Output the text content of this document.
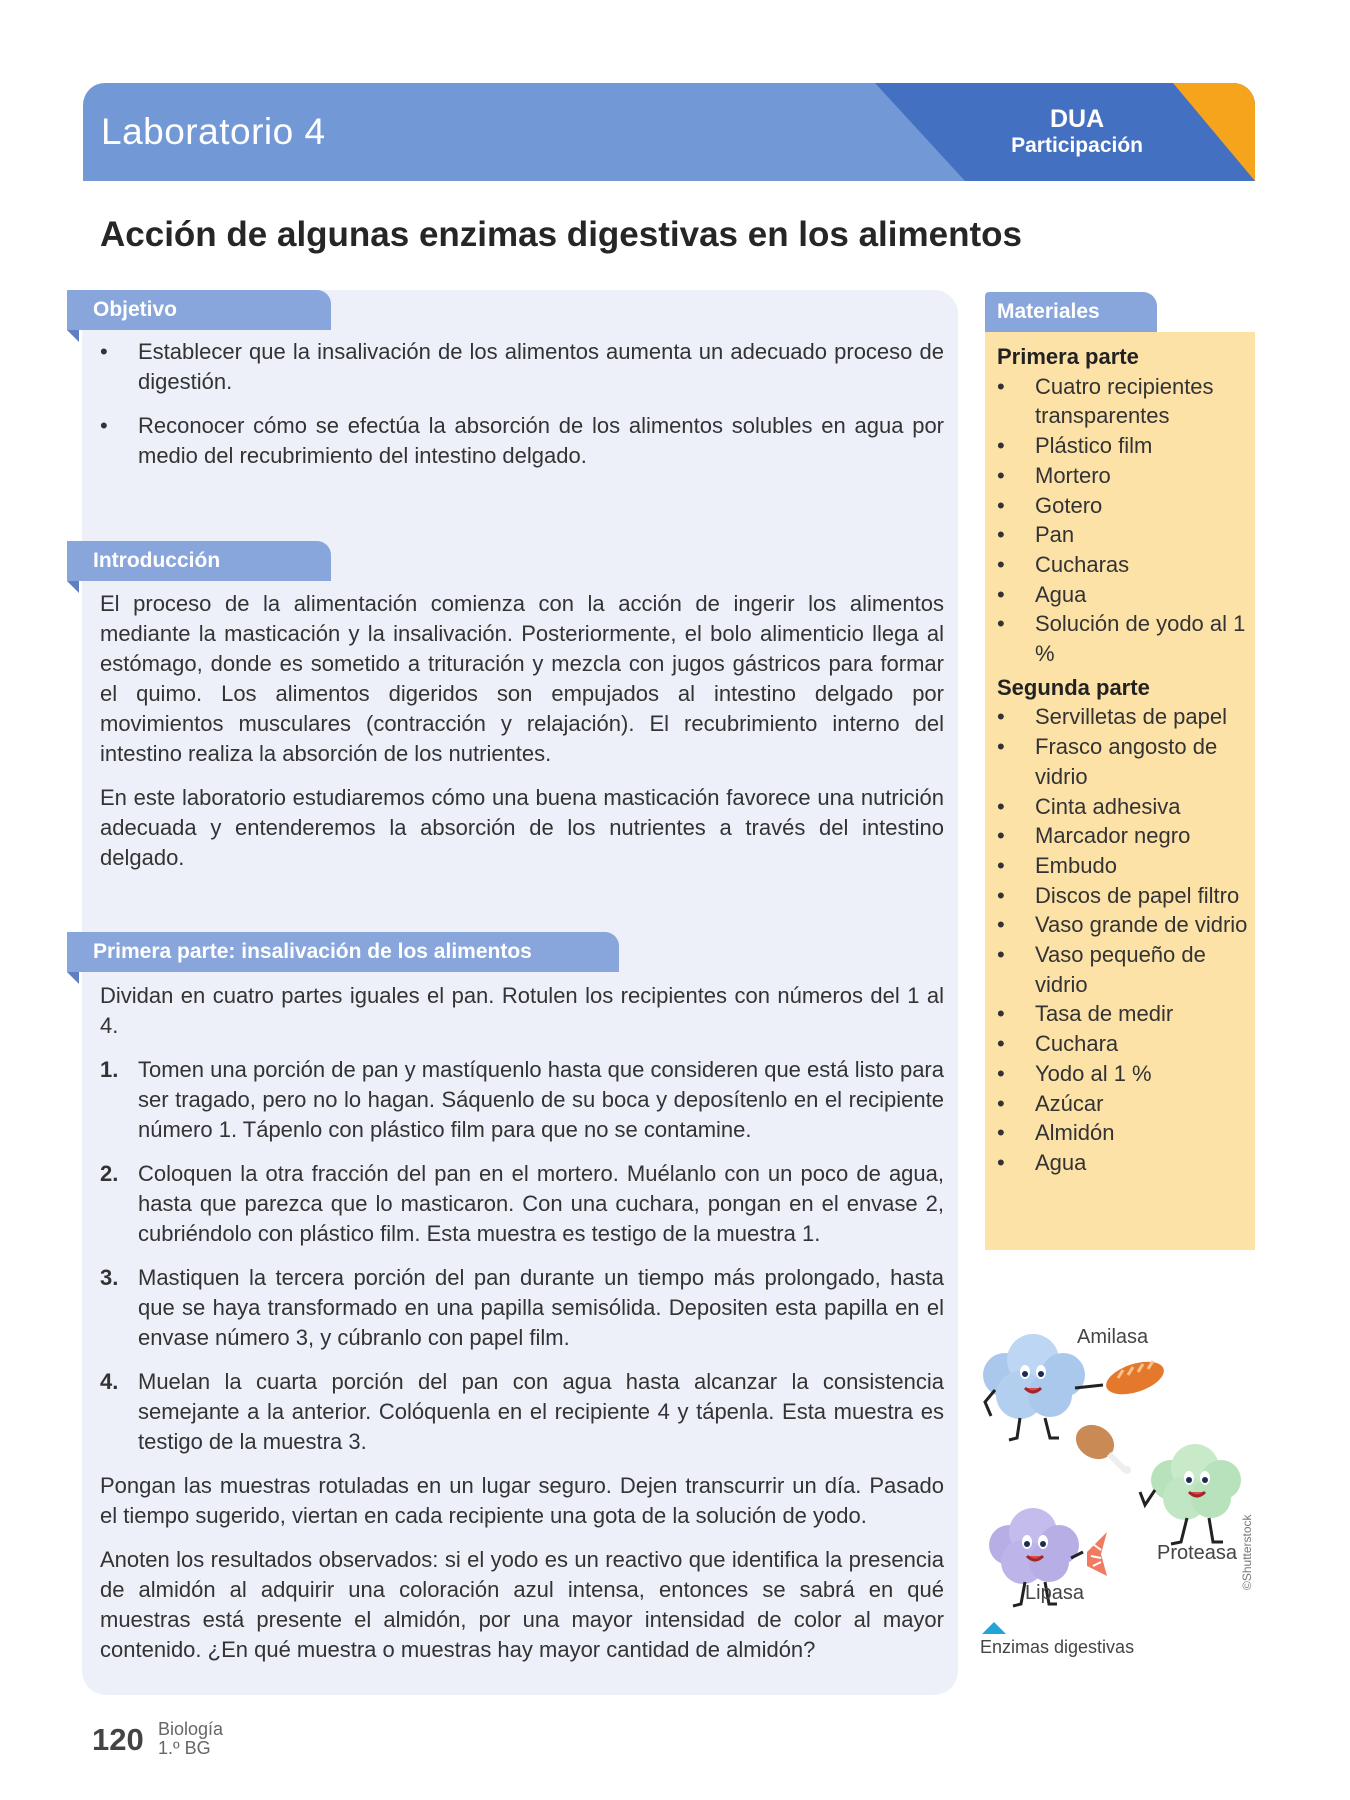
Laboratorio 4	DUA
Participación
Acción de algunas enzimas digestivas en los alimentos
Objetivo
• Establecer que la insalivación de los alimentos aumenta un adecuado proceso de digestión.
• Reconocer cómo se efectúa la absorción de los alimentos solubles en agua por medio del recubrimiento del intestino delgado.
Introducción

El proceso de la alimentación comienza con la acción de ingerir los alimentos mediante la masticación y la insalivación. Posteriormente, el bolo alimenticio llega al estómago, donde es sometido a trituración y mezcla con jugos gástricos para formar el quimo. Los alimentos digeridos son empujados al intestino delgado por movimientos musculares (contracción y relajación). El recubrimiento interno del intestino realiza la absorción de los nutrientes.

En este laboratorio estudiaremos cómo una buena masticación favorece una nutrición adecuada y entenderemos la absorción de los nutrientes a través del intestino delgado.

Primera parte: insalivación de los alimentos

Dividan en cuatro partes iguales el pan. Rotulen los recipientes con números del 1 al 4.

1. Tomen una porción de pan y mastíquenlo hasta que consideren que está listo para ser tragado, pero no lo hagan. Sáquenlo de su boca y deposítenlo en el recipiente número 1. Tápenlo con plástico film para que no se contamine.
2. Coloquen la otra fracción del pan en el mortero. Muélanlo con un poco de agua, hasta que parezca que lo masticaron. Con una cuchara, pongan en el envase 2, cubriéndolo con plástico film. Esta muestra es testigo de la muestra 1.
3. Mastiquen la tercera porción del pan durante un tiempo más prolongado, hasta que se haya transformado en una papilla semisólida. Depositen esta papilla en el envase número 3, y cúbranlo con papel film.
4. Muelan la cuarta porción del pan con agua hasta alcanzar la consistencia semejante a la anterior. Colóquenla en el recipiente 4 y tápenla. Esta muestra es testigo de la muestra 3.

Pongan las muestras rotuladas en un lugar seguro. Dejen transcurrir un día. Pasado el tiempo sugerido, viertan en cada recipiente una gota de la solución de yodo.

Anoten los resultados observados: si el yodo es un reactivo que identifica la presencia de almidón al adquirir una coloración azul intensa, entonces se sabrá en qué muestras está presente el almidón, por una mayor intensidad de color al mayor contenido. ¿En qué muestra o muestras hay mayor cantidad de almidón?

Materiales
Primera parte
• Cuatro recipientes transparentes
• Plástico film
• Mortero
• Gotero
• Pan
• Cucharas
• Agua
• Solución de yodo al 1 %
Segunda parte
• Servilletas de papel
• Frasco angosto de vidrio
• Cinta adhesiva
• Marcador negro
• Embudo
• Discos de papel filtro
• Vaso grande de vidrio
• Vaso pequeño de vidrio
• Tasa de medir
• Cuchara
• Yodo al 1 %
• Azúcar
• Almidón
• Agua
Amilasa
Proteasa
Lipasa
Enzimas digestivas
©Shutterstock
120 Biología
1.º BG
